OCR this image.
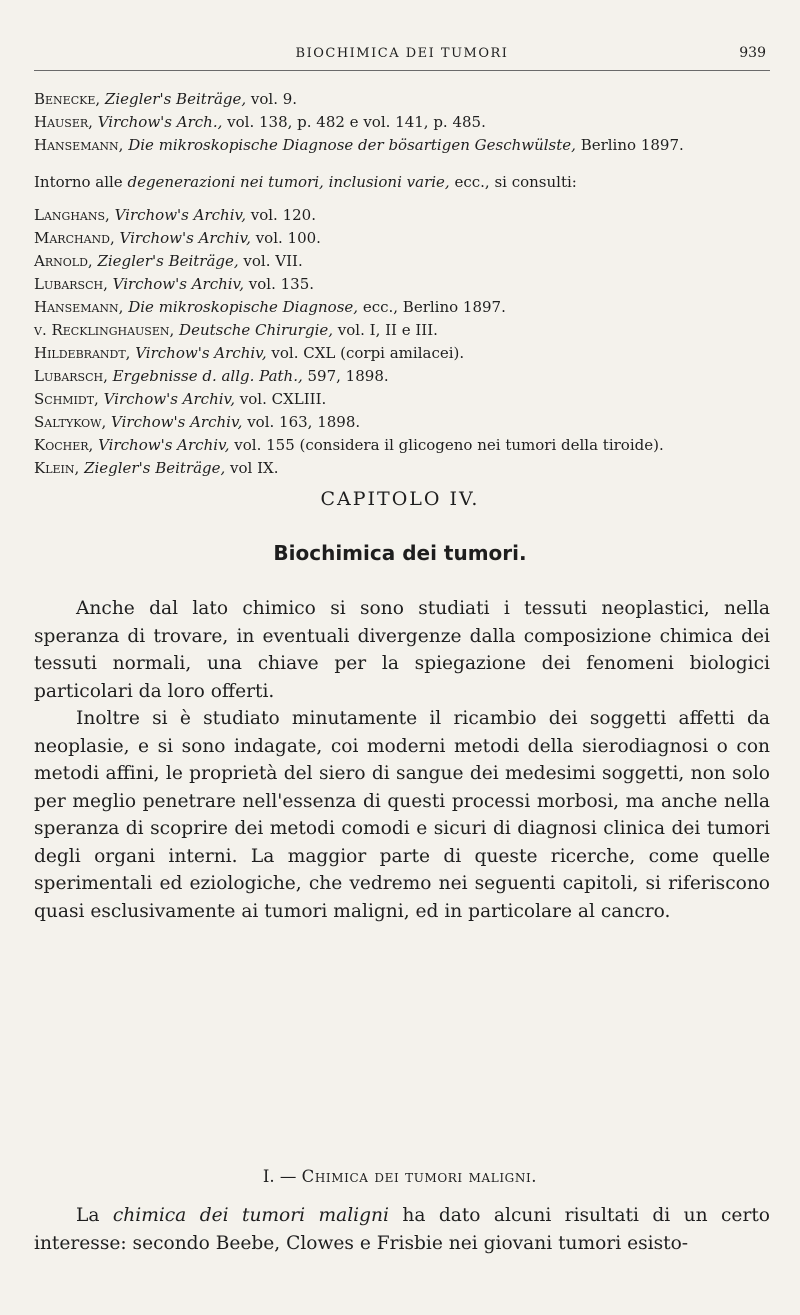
BIOCHIMICA DEI TUMORI	939

Benecke, Ziegler's Beiträge, vol. 9.

Hauser, Virchow's Arch., vol. 138, p. 482 e vol. 141, p. 485.

Hansemann, Die mikroskopische Diagnose der bösartigen Geschwülste, Berlino 1897.

Intorno alle degenerazioni nei tumori, inclusioni varie, ecc., si consulti:

Langhans, Virchow's Archiv, vol. 120.

Marchand, Virchow's Archiv, vol. 100.

Arnold, Ziegler's Beiträge, vol. VII.

Lubarsch, Virchow's Archiv, vol. 135.

Hansemann, Die mikroskopische Diagnose, ecc., Berlino 1897.

v. Recklinghausen, Deutsche Chirurgie, vol. I, II e III.

Hildebrandt, Virchow's Archiv, vol. CXL (corpi amilacei).

Lubarsch, Ergebnisse d. allg. Path., 597, 1898.

Schmidt, Virchow's Archiv, vol. CXLIII.

Saltykow, Virchow's Archiv, vol. 163, 1898.

Kocher, Virchow's Archiv, vol. 155 (considera il glicogeno nei tumori della tiroide).

Klein, Ziegler's Beiträge, vol IX.

CAPITOLO IV.
Biochimica dei tumori.

Anche dal lato chimico si sono studiati i tessuti neoplastici, nella speranza di trovare, in eventuali divergenze dalla composizione chimica dei tessuti normali, una chiave per la spiegazione dei fenomeni biologici particolari da loro offerti.

Inoltre si è studiato minutamente il ricambio dei soggetti affetti da neoplasie, e si sono indagate, coi moderni metodi della sierodiagnosi o con metodi affini, le proprietà del siero di sangue dei medesimi soggetti, non solo per meglio penetrare nell'essenza di questi processi morbosi, ma anche nella speranza di scoprire dei metodi comodi e sicuri di diagnosi clinica dei tumori degli organi interni. La maggior parte di queste ricerche, come quelle sperimentali ed eziologiche, che vedremo nei seguenti capitoli, si riferiscono quasi esclusivamente ai tumori maligni, ed in particolare al cancro.

I. — Chimica dei tumori maligni.

La chimica dei tumori maligni ha dato alcuni risultati di un certo interesse: secondo Beebe, Clowes e Frisbie nei giovani tumori esisto-
